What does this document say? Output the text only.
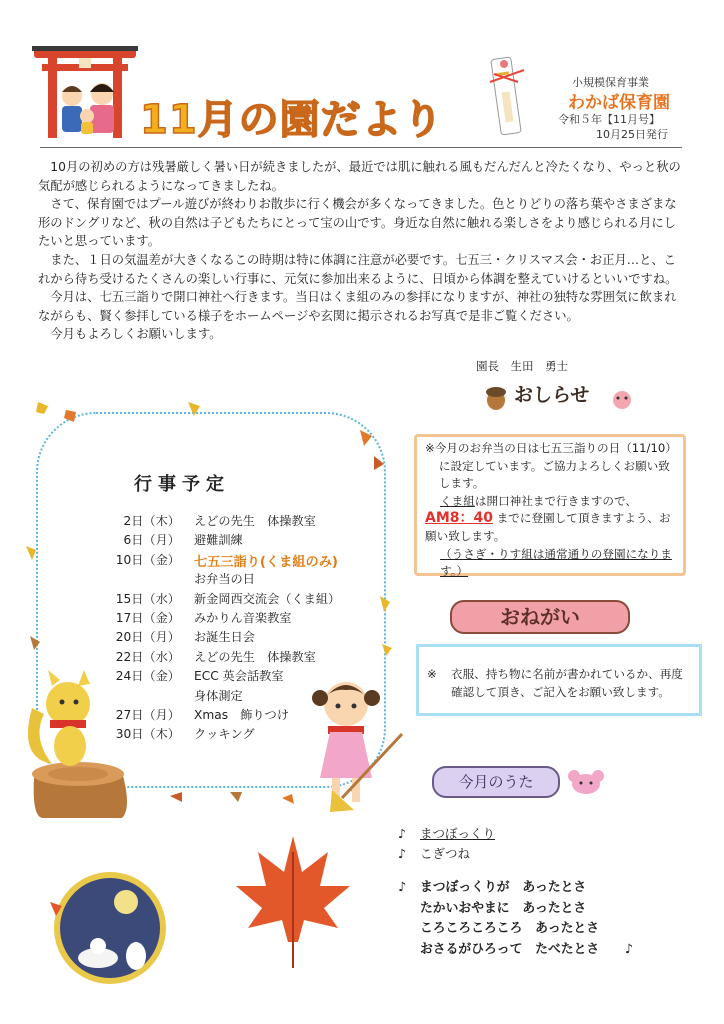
11月の園だより
小規模保育事業
わかば保育園
令和５年【11月号】
10月25日発行

10月の初めの方は残暑厳しく暑い日が続きましたが、最近では肌に触れる風もだんだんと冷たくなり、やっと秋の気配が感じられるようになってきましたね。

さて、保育園ではプール遊びが終わりお散歩に行く機会が多くなってきました。色とりどりの落ち葉やさまざまな形のドングリなど、秋の自然は子どもたちにとって宝の山です。身近な自然に触れる楽しさをより感じられる月にしたいと思っています。

また、１日の気温差が大きくなるこの時期は特に体調に注意が必要です。七五三・クリスマス会・お正月…と、これから待ち受けるたくさんの楽しい行事に、元気に参加出来るように、日頃から体調を整えていけるといいですね。

今月は、七五三詣りで開口神社へ行きます。当日はくま組のみの参拝になりますが、神社の独特な雰囲気に飲まれながらも、賢く参拝している様子をホームページや玄関に掲示されるお写真で是非ご覧ください。

今月もよろしくお願いします。

園長　生田　勇士
おしらせ
行事予定
2日（木）	えどの先生　体操教室
6日（月）	避難訓練
10日（金）	七五三詣り(くま組のみ)
お弁当の日
15日（水）	新金岡西交流会（くま組）
17日（金）	みかりん音楽教室
20日（月）	お誕生日会
22日（水）	えどの先生　体操教室
24日（金）	ECC 英会話教室
身体測定
27日（月）	Xmas　飾りつけ
30日（木）	クッキング

※今月のお弁当の日は七五三詣りの日（11/10）に設定しています。ご協力よろしくお願い致します。

くま組は開口神社まで行きますので、

AM8：40 までに登園して頂きますよう、お願い致します。

（うさぎ・りす組は通常通りの登園になります。）

おねがい
※	衣服、持ち物に名前が書かれているか、再度確認して頂き、ご記入をお願い致します。
今月のうた
♪ まつぼっくり
♪ こぎつね
♪ まつぼっくりが　あったとさ
たかいおやまに　あったとさ
ころころころころ　あったとさ
おさるがひろって　たべたとさ　　♪
